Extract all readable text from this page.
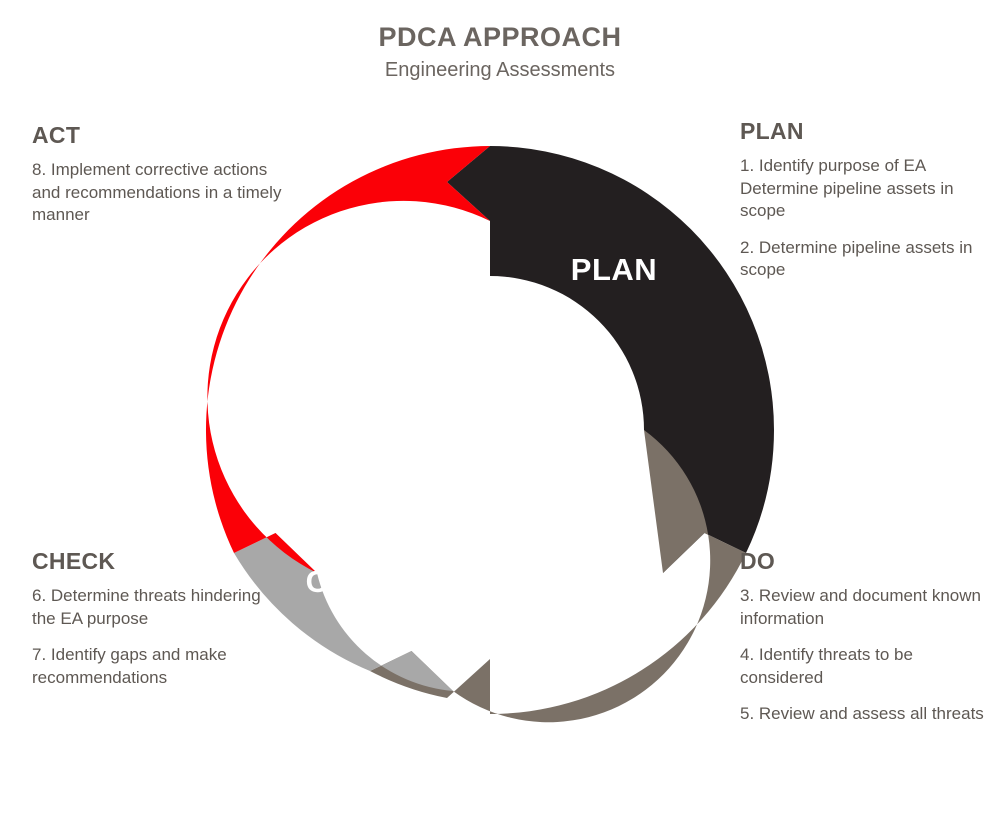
PDCA APPROACH
Engineering Assessments
PLAN
DO
CHECK
ACT
ACT

8. Implement corrective actions and recommendations in a timely manner

PLAN

1. Identify purpose of EA Determine pipeline assets in scope

2. Determine pipeline assets in scope

CHECK

6. Determine threats hindering the EA purpose

7. Identify gaps and make recommendations

DO

3. Review and document known information

4. Identify threats to be considered

5. Review and assess all threats
